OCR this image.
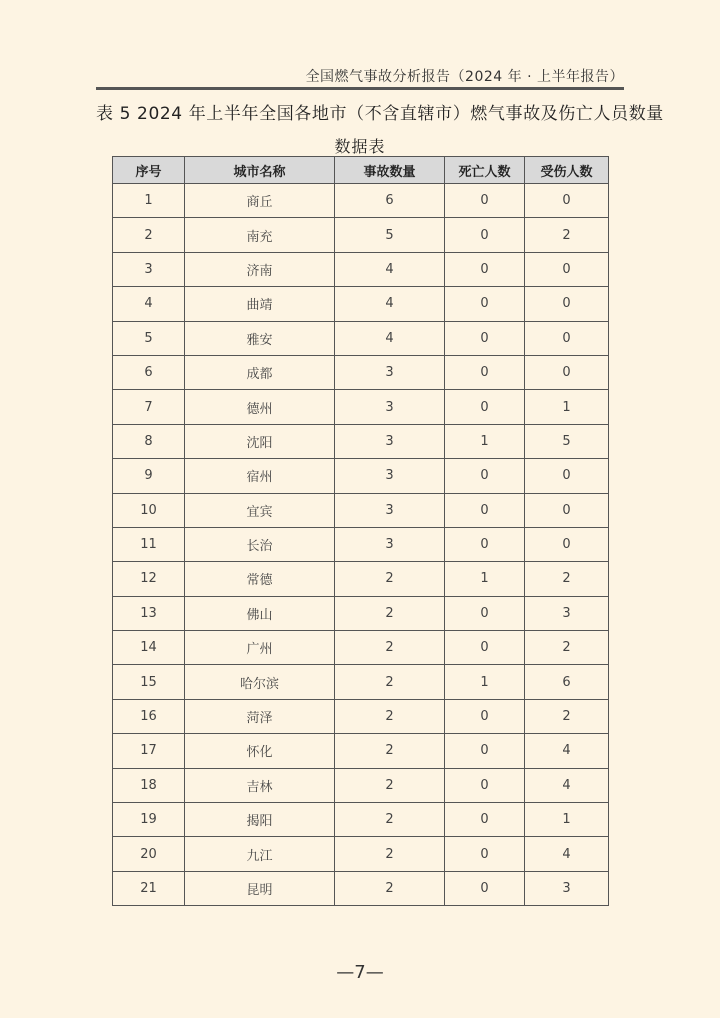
全国燃气事故分析报告（2024 年 · 上半年报告）
表 5 2024 年上半年全国各地市（不含直辖市）燃气事故及伤亡人员数量
数据表
序号	城市名称	事故数量	死亡人数	受伤人数
1	商丘	6	0	0
2	南充	5	0	2
3	济南	4	0	0
4	曲靖	4	0	0
5	雅安	4	0	0
6	成都	3	0	0
7	德州	3	0	1
8	沈阳	3	1	5
9	宿州	3	0	0
10	宜宾	3	0	0
11	长治	3	0	0
12	常德	2	1	2
13	佛山	2	0	3
14	广州	2	0	2
15	哈尔滨	2	1	6
16	菏泽	2	0	2
17	怀化	2	0	4
18	吉林	2	0	4
19	揭阳	2	0	1
20	九江	2	0	4
21	昆明	2	0	3
—7—
